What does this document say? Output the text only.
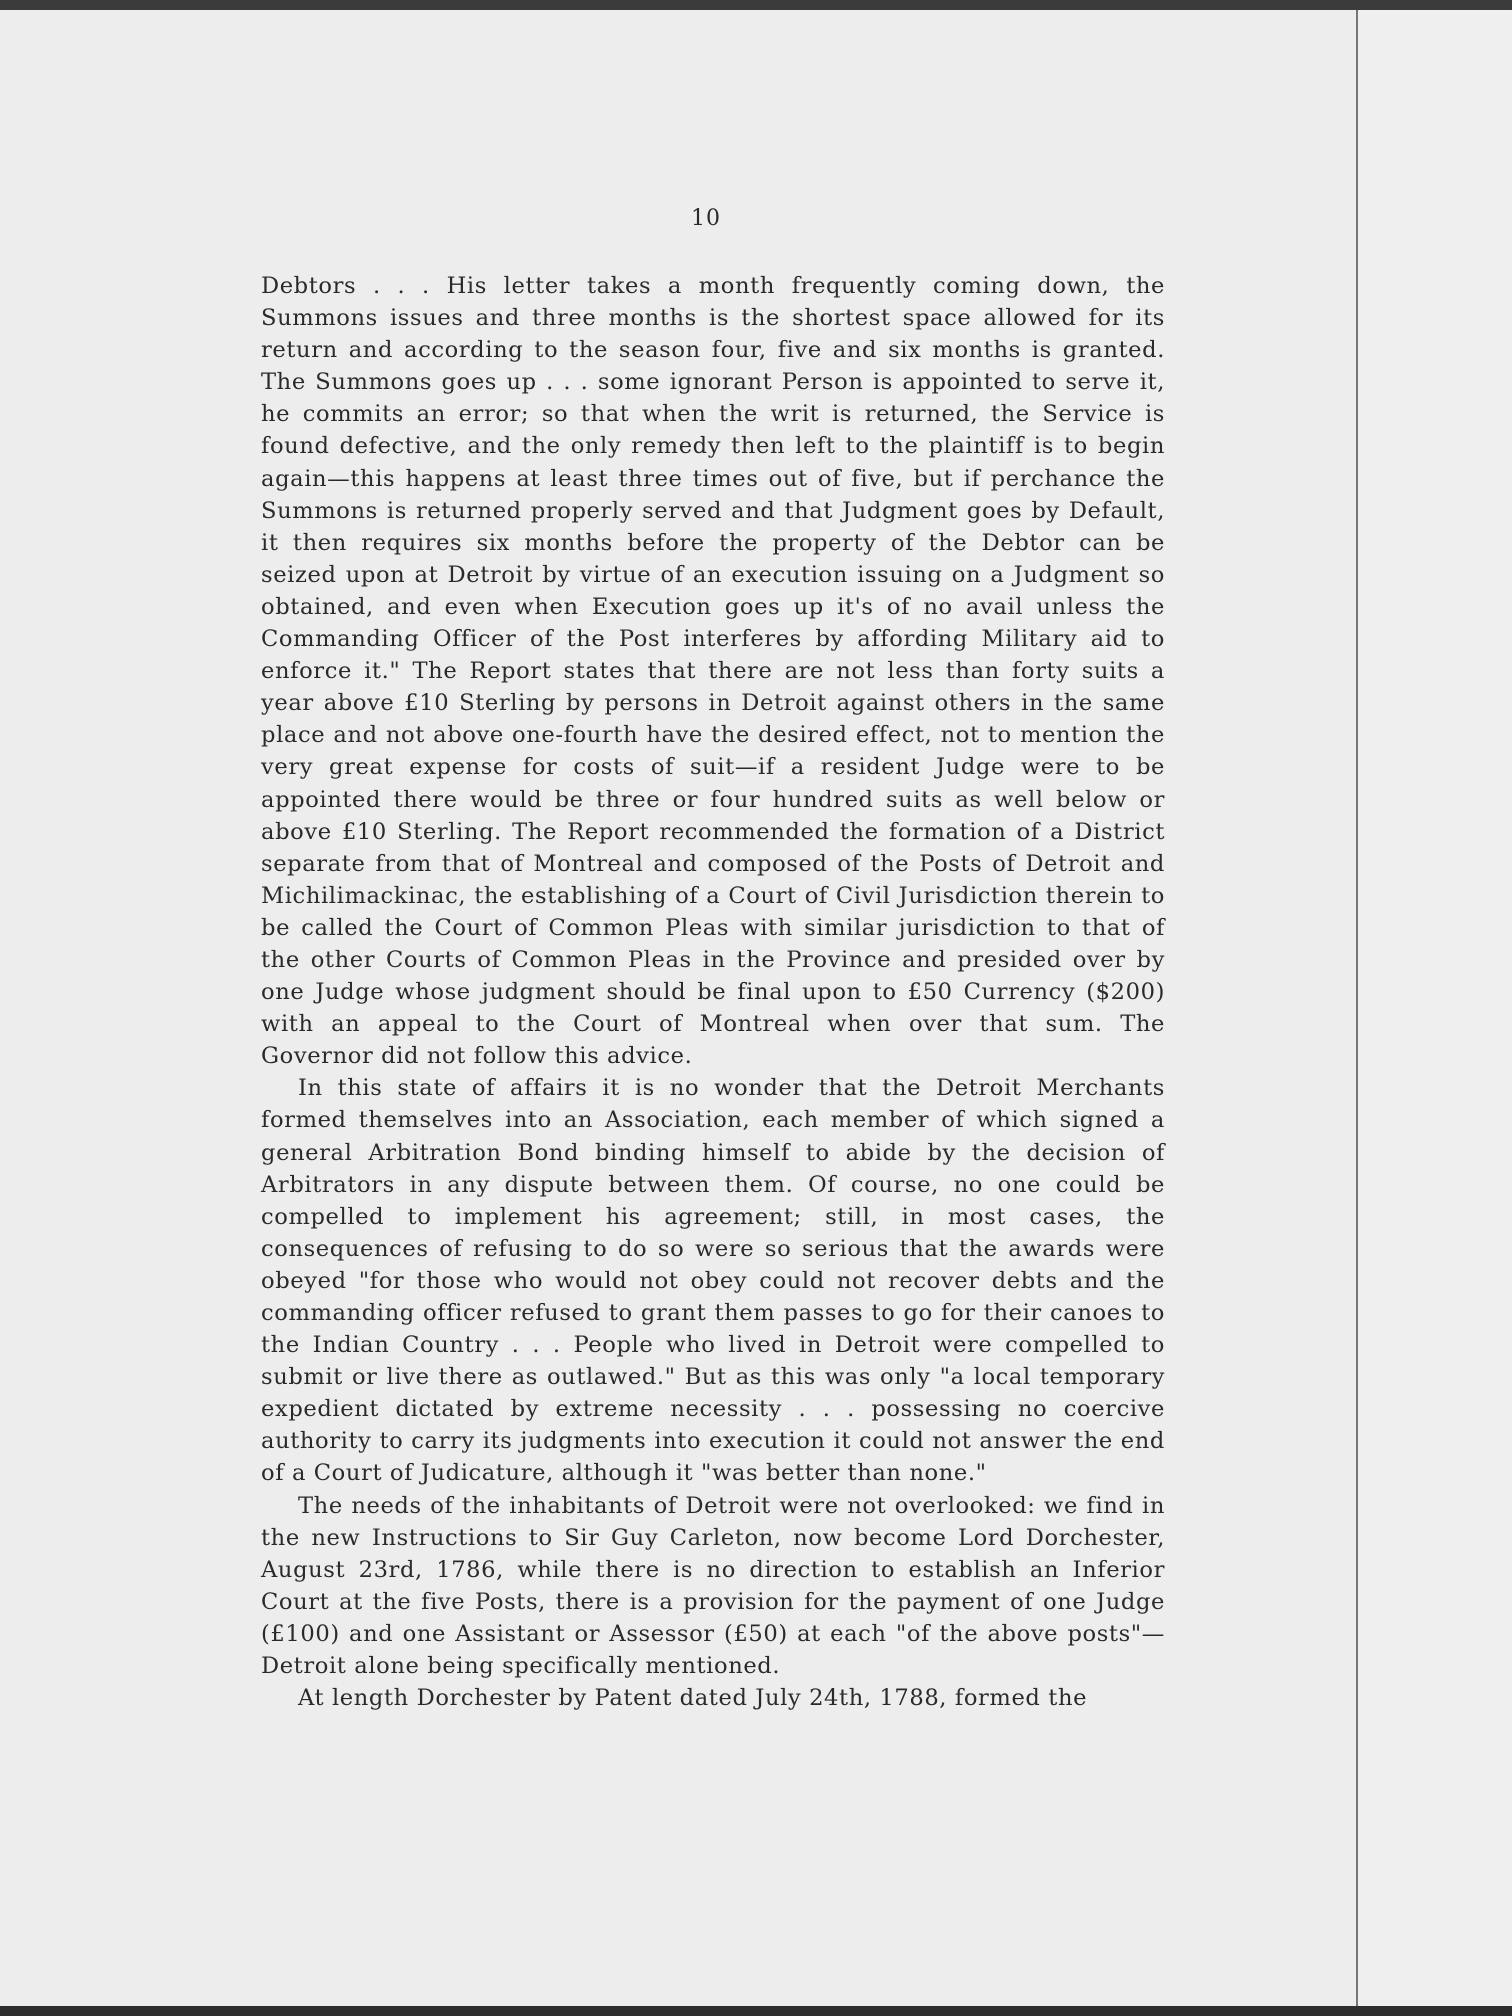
10

Debtors . . . His letter takes a month frequently coming down, the Summons issues and three months is the shortest space allowed for its return and according to the season four, five and six months is granted. The Summons goes up . . . some ignorant Person is appointed to serve it, he commits an error; so that when the writ is returned, the Service is found defective, and the only remedy then left to the plaintiff is to begin again—this happens at least three times out of five, but if perchance the Summons is returned properly served and that Judgment goes by Default, it then requires six months before the property of the Debtor can be seized upon at Detroit by virtue of an execution issuing on a Judgment so obtained, and even when Execution goes up it's of no avail unless the Commanding Officer of the Post interferes by affording Military aid to enforce it." The Report states that there are not less than forty suits a year above £10 Sterling by persons in Detroit against others in the same place and not above one-fourth have the desired effect, not to mention the very great expense for costs of suit—if a resident Judge were to be appointed there would be three or four hundred suits as well below or above £10 Sterling. The Report recommended the formation of a District separate from that of Montreal and composed of the Posts of Detroit and Michilimackinac, the establishing of a Court of Civil Jurisdiction therein to be called the Court of Common Pleas with similar jurisdiction to that of the other Courts of Common Pleas in the Province and presided over by one Judge whose judgment should be final upon to £50 Currency ($200) with an appeal to the Court of Montreal when over that sum. The Governor did not follow this advice.

In this state of affairs it is no wonder that the Detroit Merchants formed themselves into an Association, each member of which signed a general Arbitration Bond binding himself to abide by the decision of Arbitrators in any dispute between them. Of course, no one could be compelled to implement his agreement; still, in most cases, the consequences of refusing to do so were so serious that the awards were obeyed "for those who would not obey could not recover debts and the commanding officer refused to grant them passes to go for their canoes to the Indian Country . . . People who lived in Detroit were compelled to submit or live there as outlawed." But as this was only "a local temporary expedient dictated by extreme necessity . . . possessing no coercive authority to carry its judgments into execution it could not answer the end of a Court of Judicature, although it "was better than none."

The needs of the inhabitants of Detroit were not overlooked: we find in the new Instructions to Sir Guy Carleton, now become Lord Dorchester, August 23rd, 1786, while there is no direction to establish an Inferior Court at the five Posts, there is a provision for the payment of one Judge (£100) and one Assistant or Assessor (£50) at each "of the above posts"—Detroit alone being specifically mentioned.

At length Dorchester by Patent dated July 24th, 1788, formed the
